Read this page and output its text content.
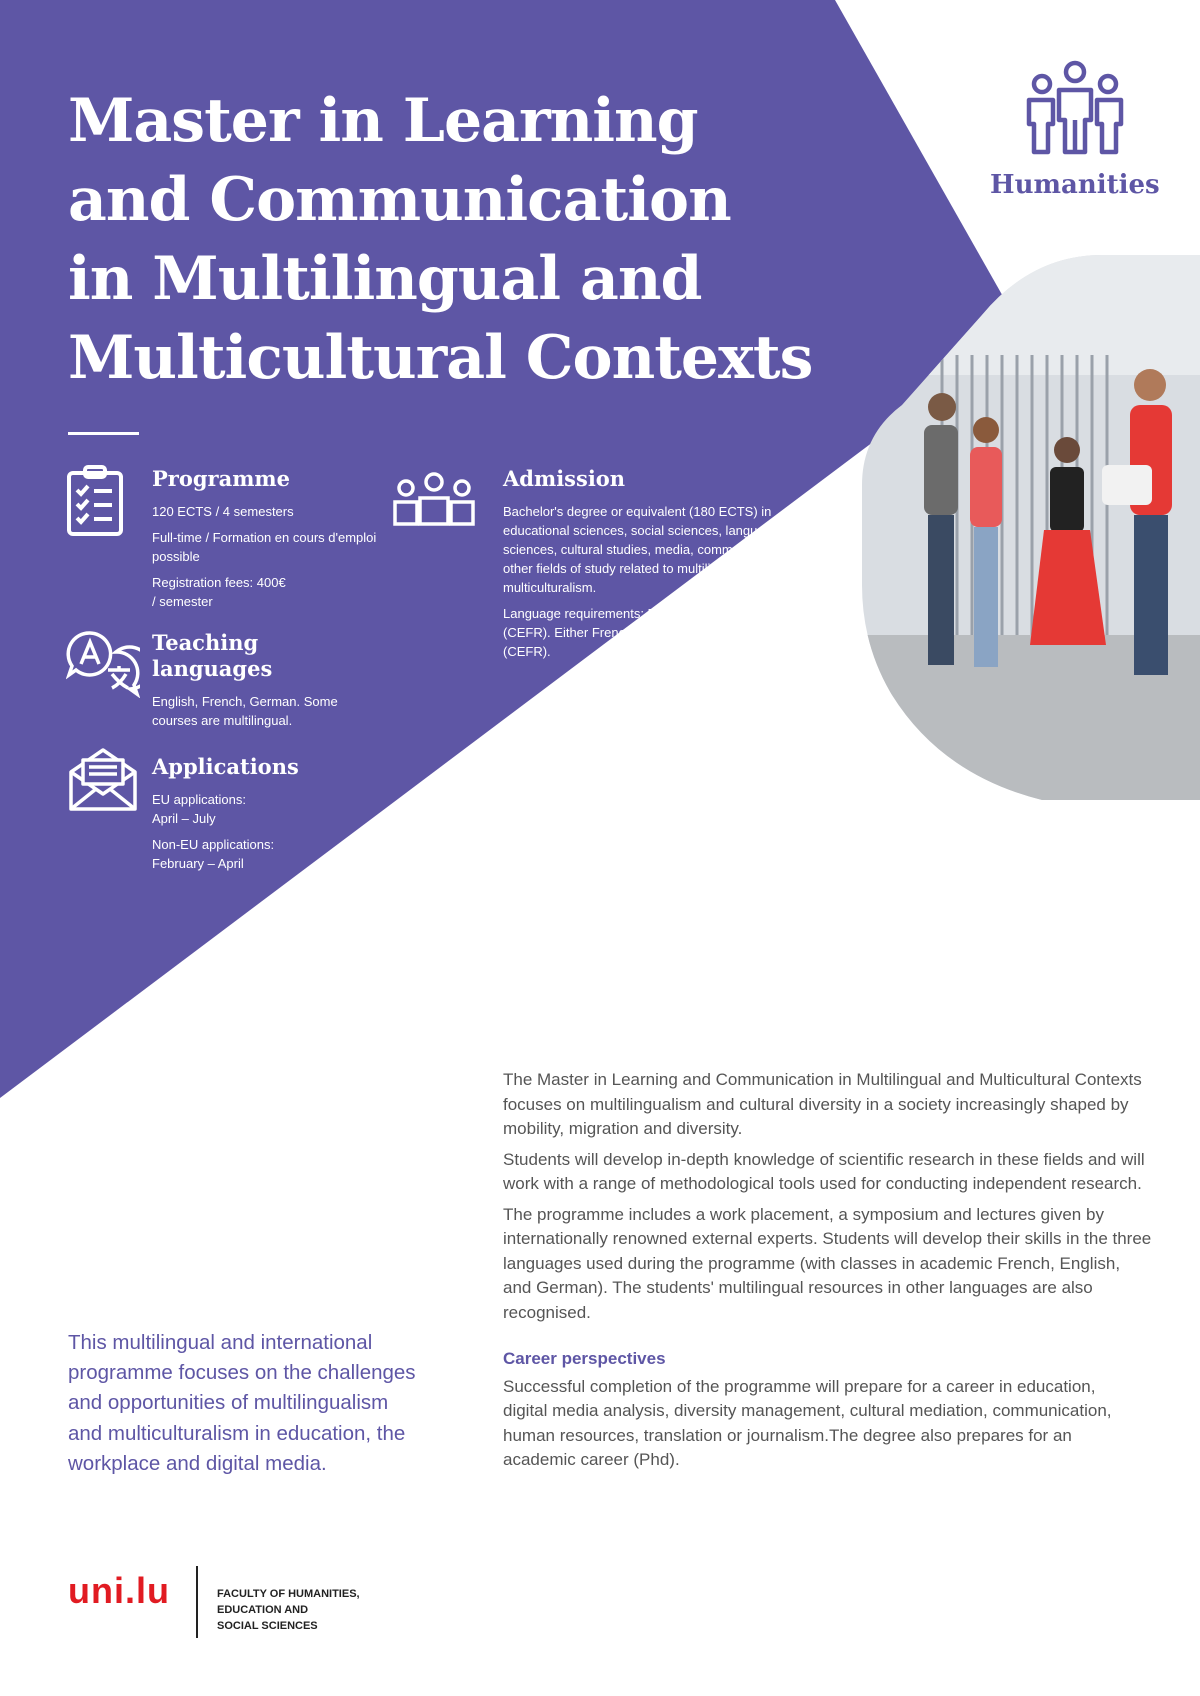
Master in Learning
and Communication
in Multilingual and
Multicultural Contexts
Humanities
Programme

120 ECTS / 4 semesters

Full-time / Formation en cours d'emploi possible

Registration fees: 400€ / semester

Admission

Bachelor's degree or equivalent (180 ECTS) in educational sciences, social sciences, language sciences, cultural studies, media, communication or other fields of study related to multilingualism and multiculturalism.

Language requirements: English C1 (CEFR). Either French and/or German B2 (CEFR).

Teaching languages

English, French, German. Some courses are multilingual.

Applications

EU applications: April – July

Non-EU applications: February – April

The Master in Learning and Communication in Multilingual and Multicultural Contexts focuses on multilingualism and cultural diversity in a society increasingly shaped by mobility, migration and diversity.

Students will develop in-depth knowledge of scientific research in these fields and will work with a range of methodological tools used for conducting independent research.

The programme includes a work placement, a symposium and lectures given by internationally renowned external experts. Students will develop their skills in the three languages used during the programme (with classes in academic French, English, and German). The students' multilingual resources in other languages are also recognised.

Career perspectives

Successful completion of the programme will prepare for a career in education, digital media analysis, diversity management, cultural mediation, communication, human resources, translation or journalism.The degree also prepares for an academic career (Phd).

This multilingual and international programme focuses on the challenges and opportunities of multilingualism and multiculturalism in education, the workplace and digital media.

uni.lu	FACULTY OF HUMANITIES,
EDUCATION AND
SOCIAL SCIENCES
